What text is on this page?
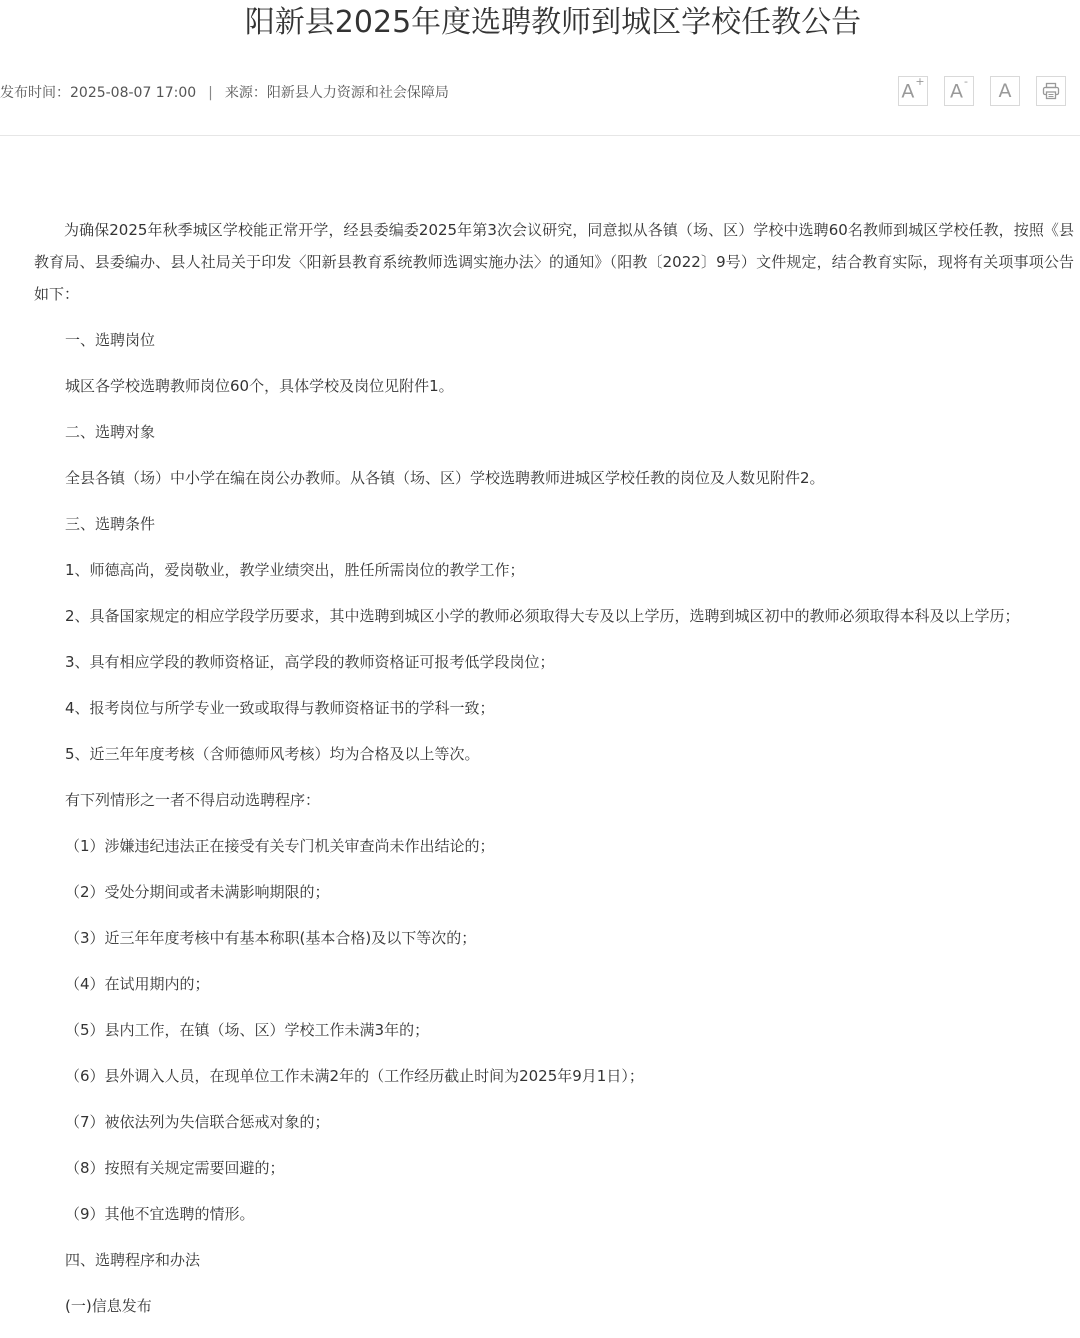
阳新县2025年度选聘教师到城区学校任教公告
发布时间：2025-08-07 17:00 | 来源：阳新县人力资源和社会保障局	A+ A- A

为确保2025年秋季城区学校能正常开学，经县委编委2025年第3次会议研究，同意拟从各镇（场、区）学校中选聘60名教师到城区学校任教，按照《县教育局、县委编办、县人社局关于印发〈阳新县教育系统教师选调实施办法〉的通知》（阳教〔2022〕9号）文件规定，结合教育实际，现将有关项事项公告如下：

一、选聘岗位

城区各学校选聘教师岗位60个，具体学校及岗位见附件1。

二、选聘对象

全县各镇（场）中小学在编在岗公办教师。从各镇（场、区）学校选聘教师进城区学校任教的岗位及人数见附件2。

三、选聘条件

1、师德高尚，爱岗敬业，教学业绩突出，胜任所需岗位的教学工作；

2、具备国家规定的相应学段学历要求，其中选聘到城区小学的教师必须取得大专及以上学历，选聘到城区初中的教师必须取得本科及以上学历；

3、具有相应学段的教师资格证，高学段的教师资格证可报考低学段岗位；

4、报考岗位与所学专业一致或取得与教师资格证书的学科一致；

5、近三年年度考核（含师德师风考核）均为合格及以上等次。

有下列情形之一者不得启动选聘程序：

（1）涉嫌违纪违法正在接受有关专门机关审查尚未作出结论的；

（2）受处分期间或者未满影响期限的；

（3）近三年年度考核中有基本称职(基本合格)及以下等次的；

（4）在试用期内的；

（5）县内工作，在镇（场、区）学校工作未满3年的；

（6）县外调入人员，在现单位工作未满2年的（工作经历截止时间为2025年9月1日）；

（7）被依法列为失信联合惩戒对象的；

（8）按照有关规定需要回避的；

（9）其他不宜选聘的情形。

四、选聘程序和办法

(一)信息发布
